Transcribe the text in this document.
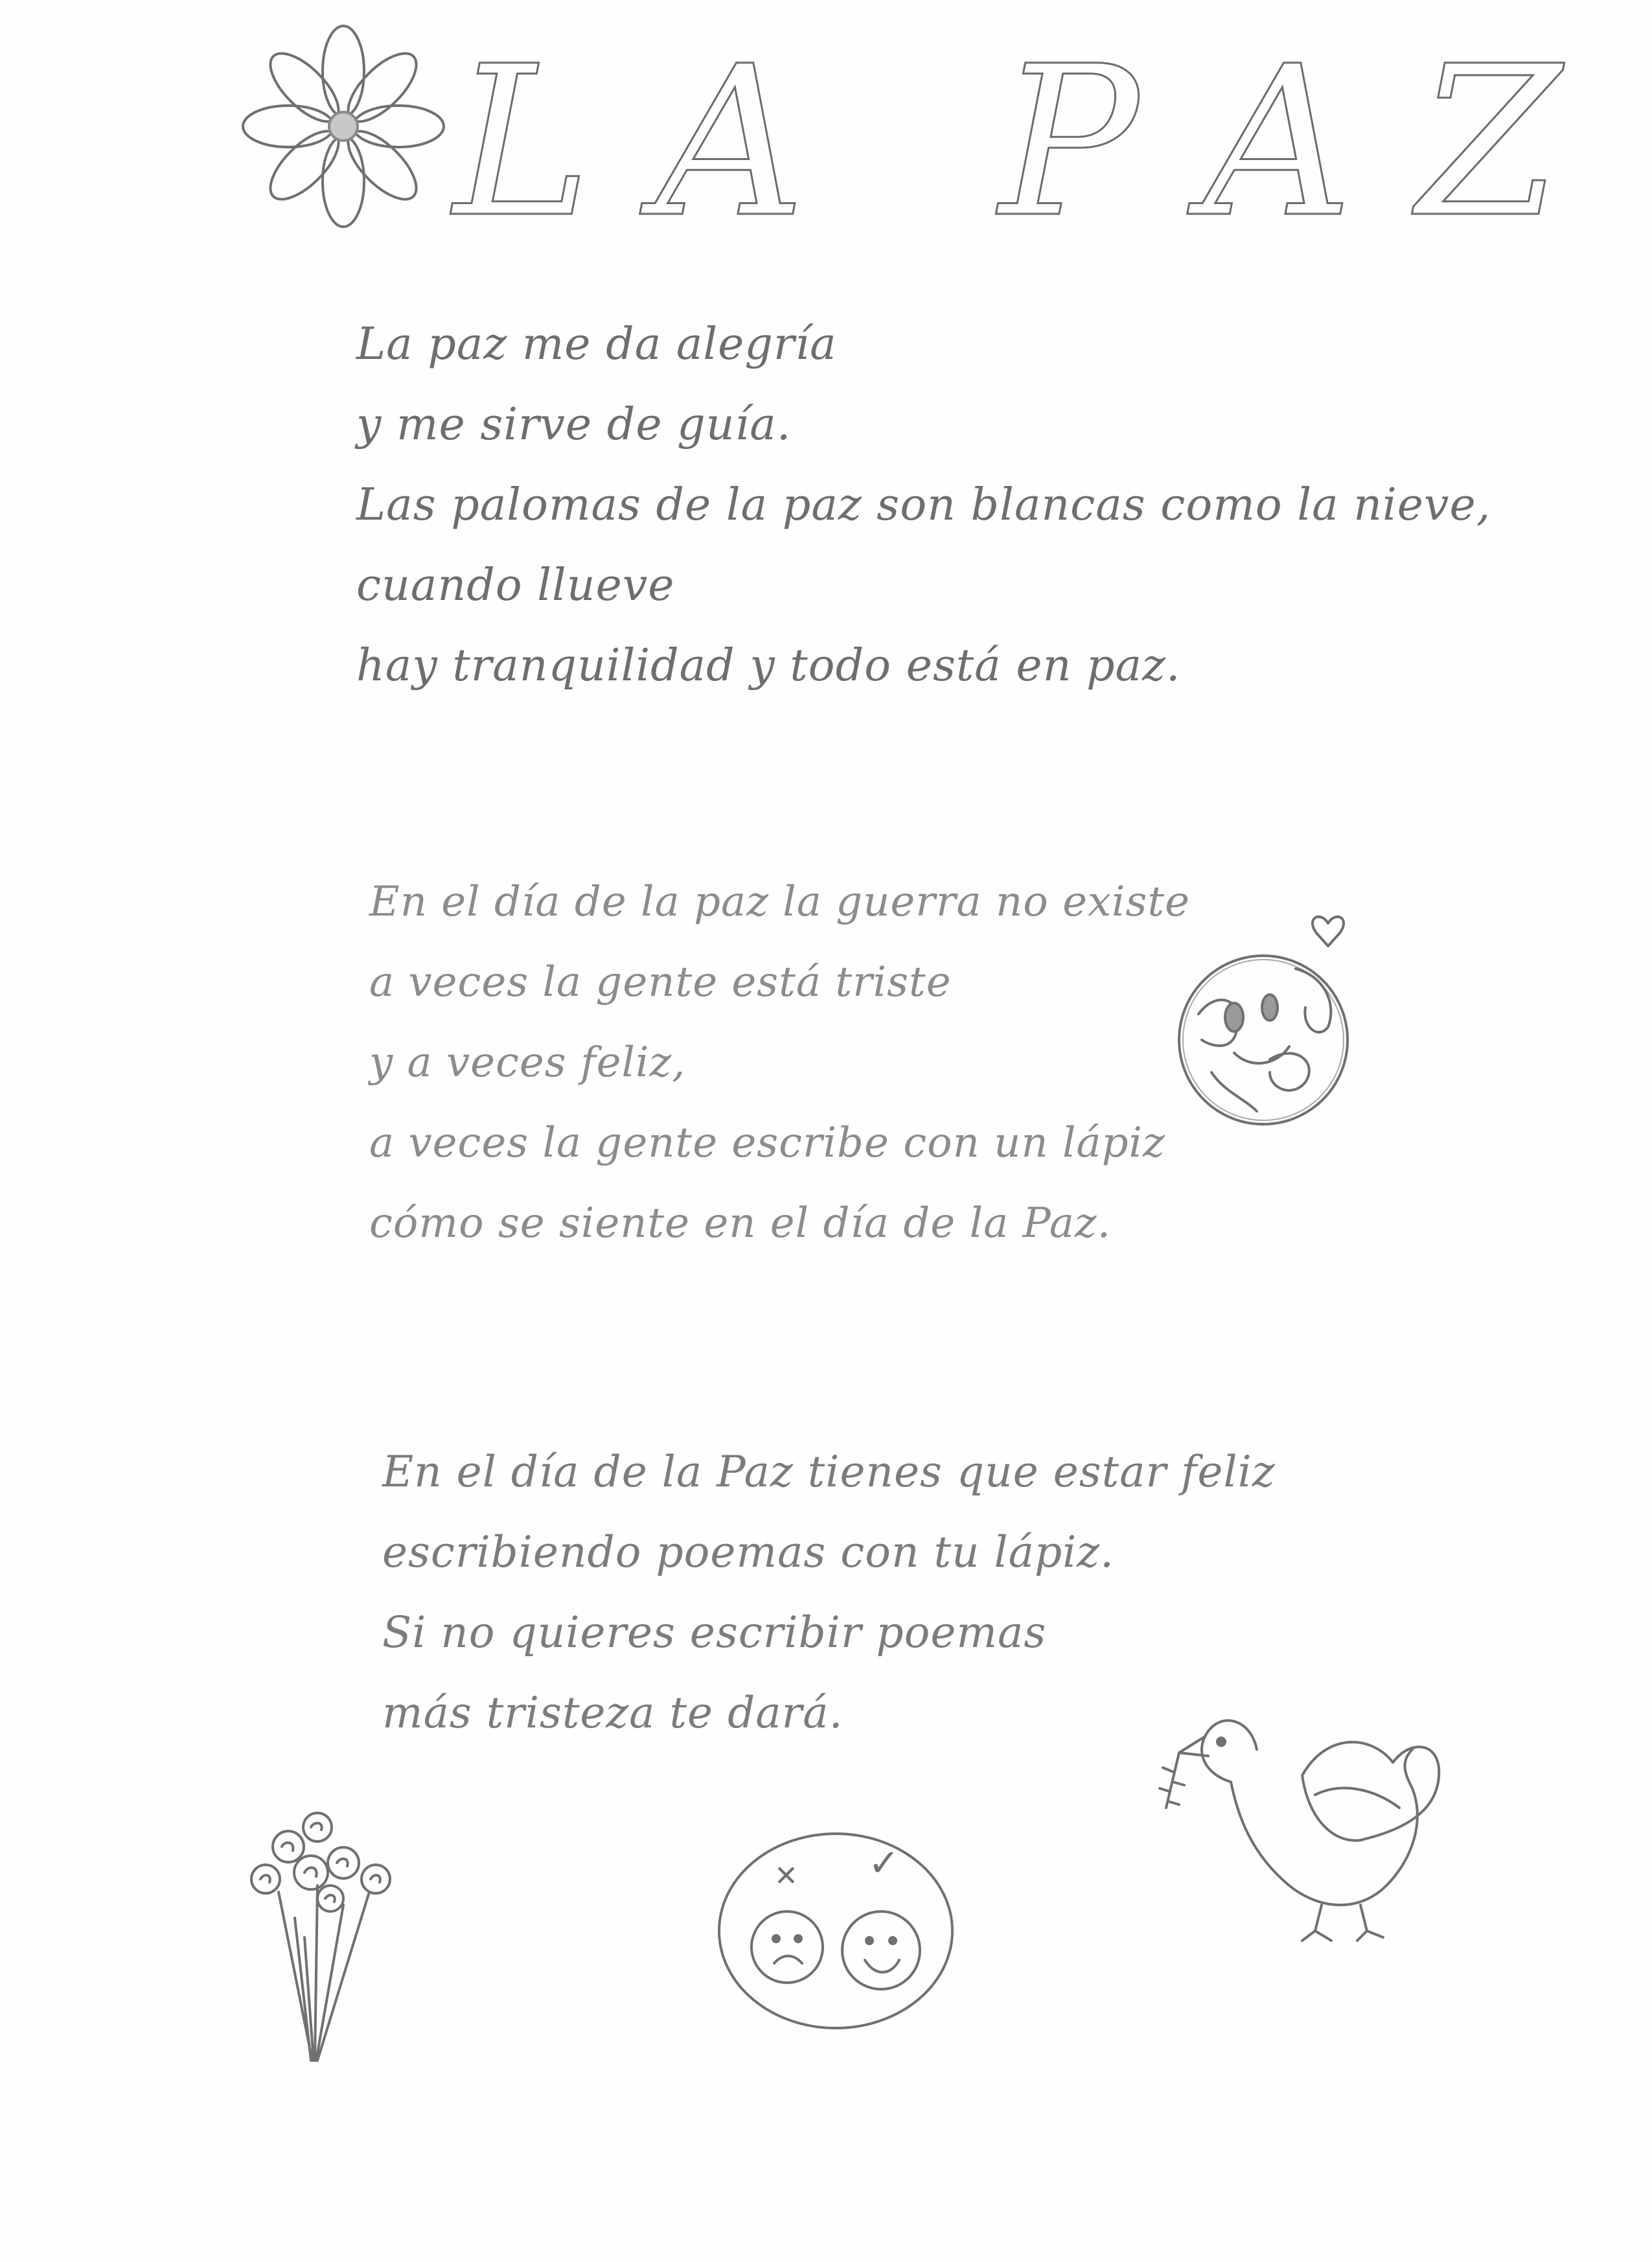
L A P A Z
La paz me da alegría
y me sirve de guía.
Las palomas de la paz son blancas como la nieve,
cuando llueve
hay tranquilidad y todo está en paz.
En el día de la paz la guerra no existe
a veces la gente está triste
y a veces feliz,
a veces la gente escribe con un lápiz
cómo se siente en el día de la Paz.
En el día de la Paz tienes que estar feliz
escribiendo poemas con tu lápiz.
Si no quieres escribir poemas
más tristeza te dará.
✕ ✓
